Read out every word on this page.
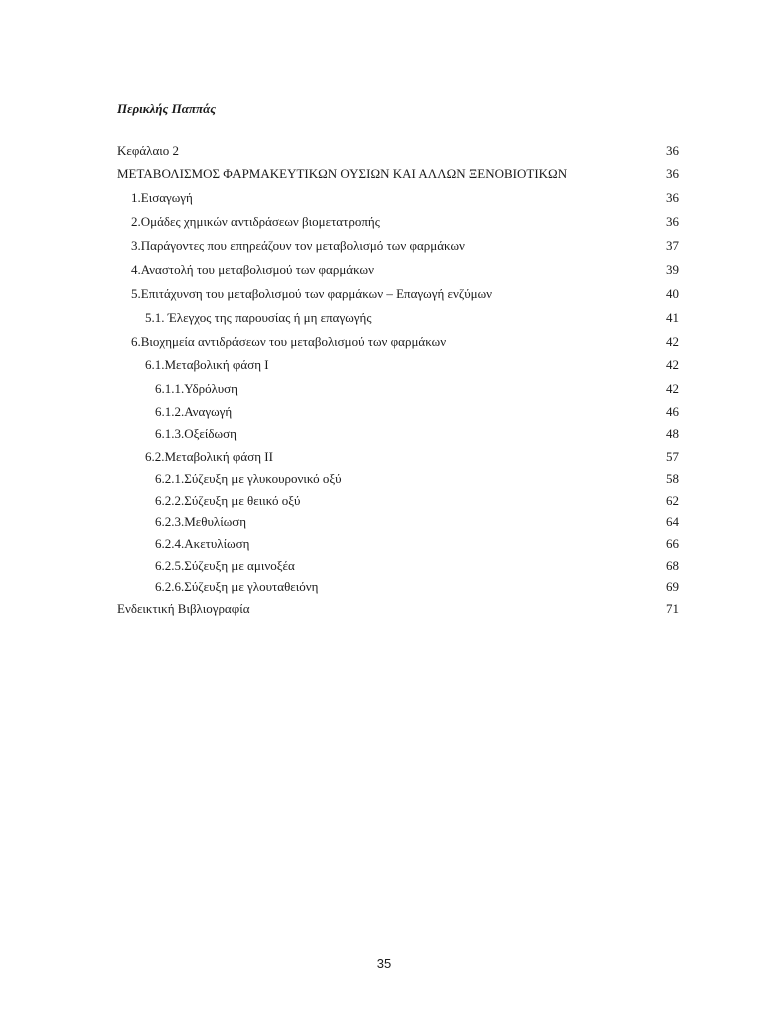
Περικλής Παππάς
Κεφάλαιο 2	36
ΜΕΤΑΒΟΛΙΣΜΟΣ ΦΑΡΜΑΚΕΥΤΙΚΩΝ ΟΥΣΙΩΝ ΚΑΙ ΑΛΛΩΝ ΞΕΝΟΒΙΟΤΙΚΩΝ	36
1.Εισαγωγή	36
2.Ομάδες χημικών αντιδράσεων βιομετατροπής	36
3.Παράγοντες που επηρεάζουν τον μεταβολισμό των φαρμάκων	37
4.Αναστολή του μεταβολισμού των φαρμάκων	39
5.Επιτάχυνση του μεταβολισμού των φαρμάκων – Επαγωγή ενζύμων	40
5.1. Έλεγχος της παρουσίας ή μη επαγωγής	41
6.Βιοχημεία αντιδράσεων του μεταβολισμού των φαρμάκων	42
6.1.Μεταβολική φάση Ι	42
6.1.1.Υδρόλυση	42
6.1.2.Αναγωγή	46
6.1.3.Οξείδωση	48
6.2.Μεταβολική φάση ΙΙ	57
6.2.1.Σύζευξη με γλυκουρονικό οξύ	58
6.2.2.Σύζευξη με θειικό οξύ	62
6.2.3.Μεθυλίωση	64
6.2.4.Ακετυλίωση	66
6.2.5.Σύζευξη με αμινοξέα	68
6.2.6.Σύζευξη με γλουταθειόνη	69
Ενδεικτική Βιβλιογραφία	71
35
